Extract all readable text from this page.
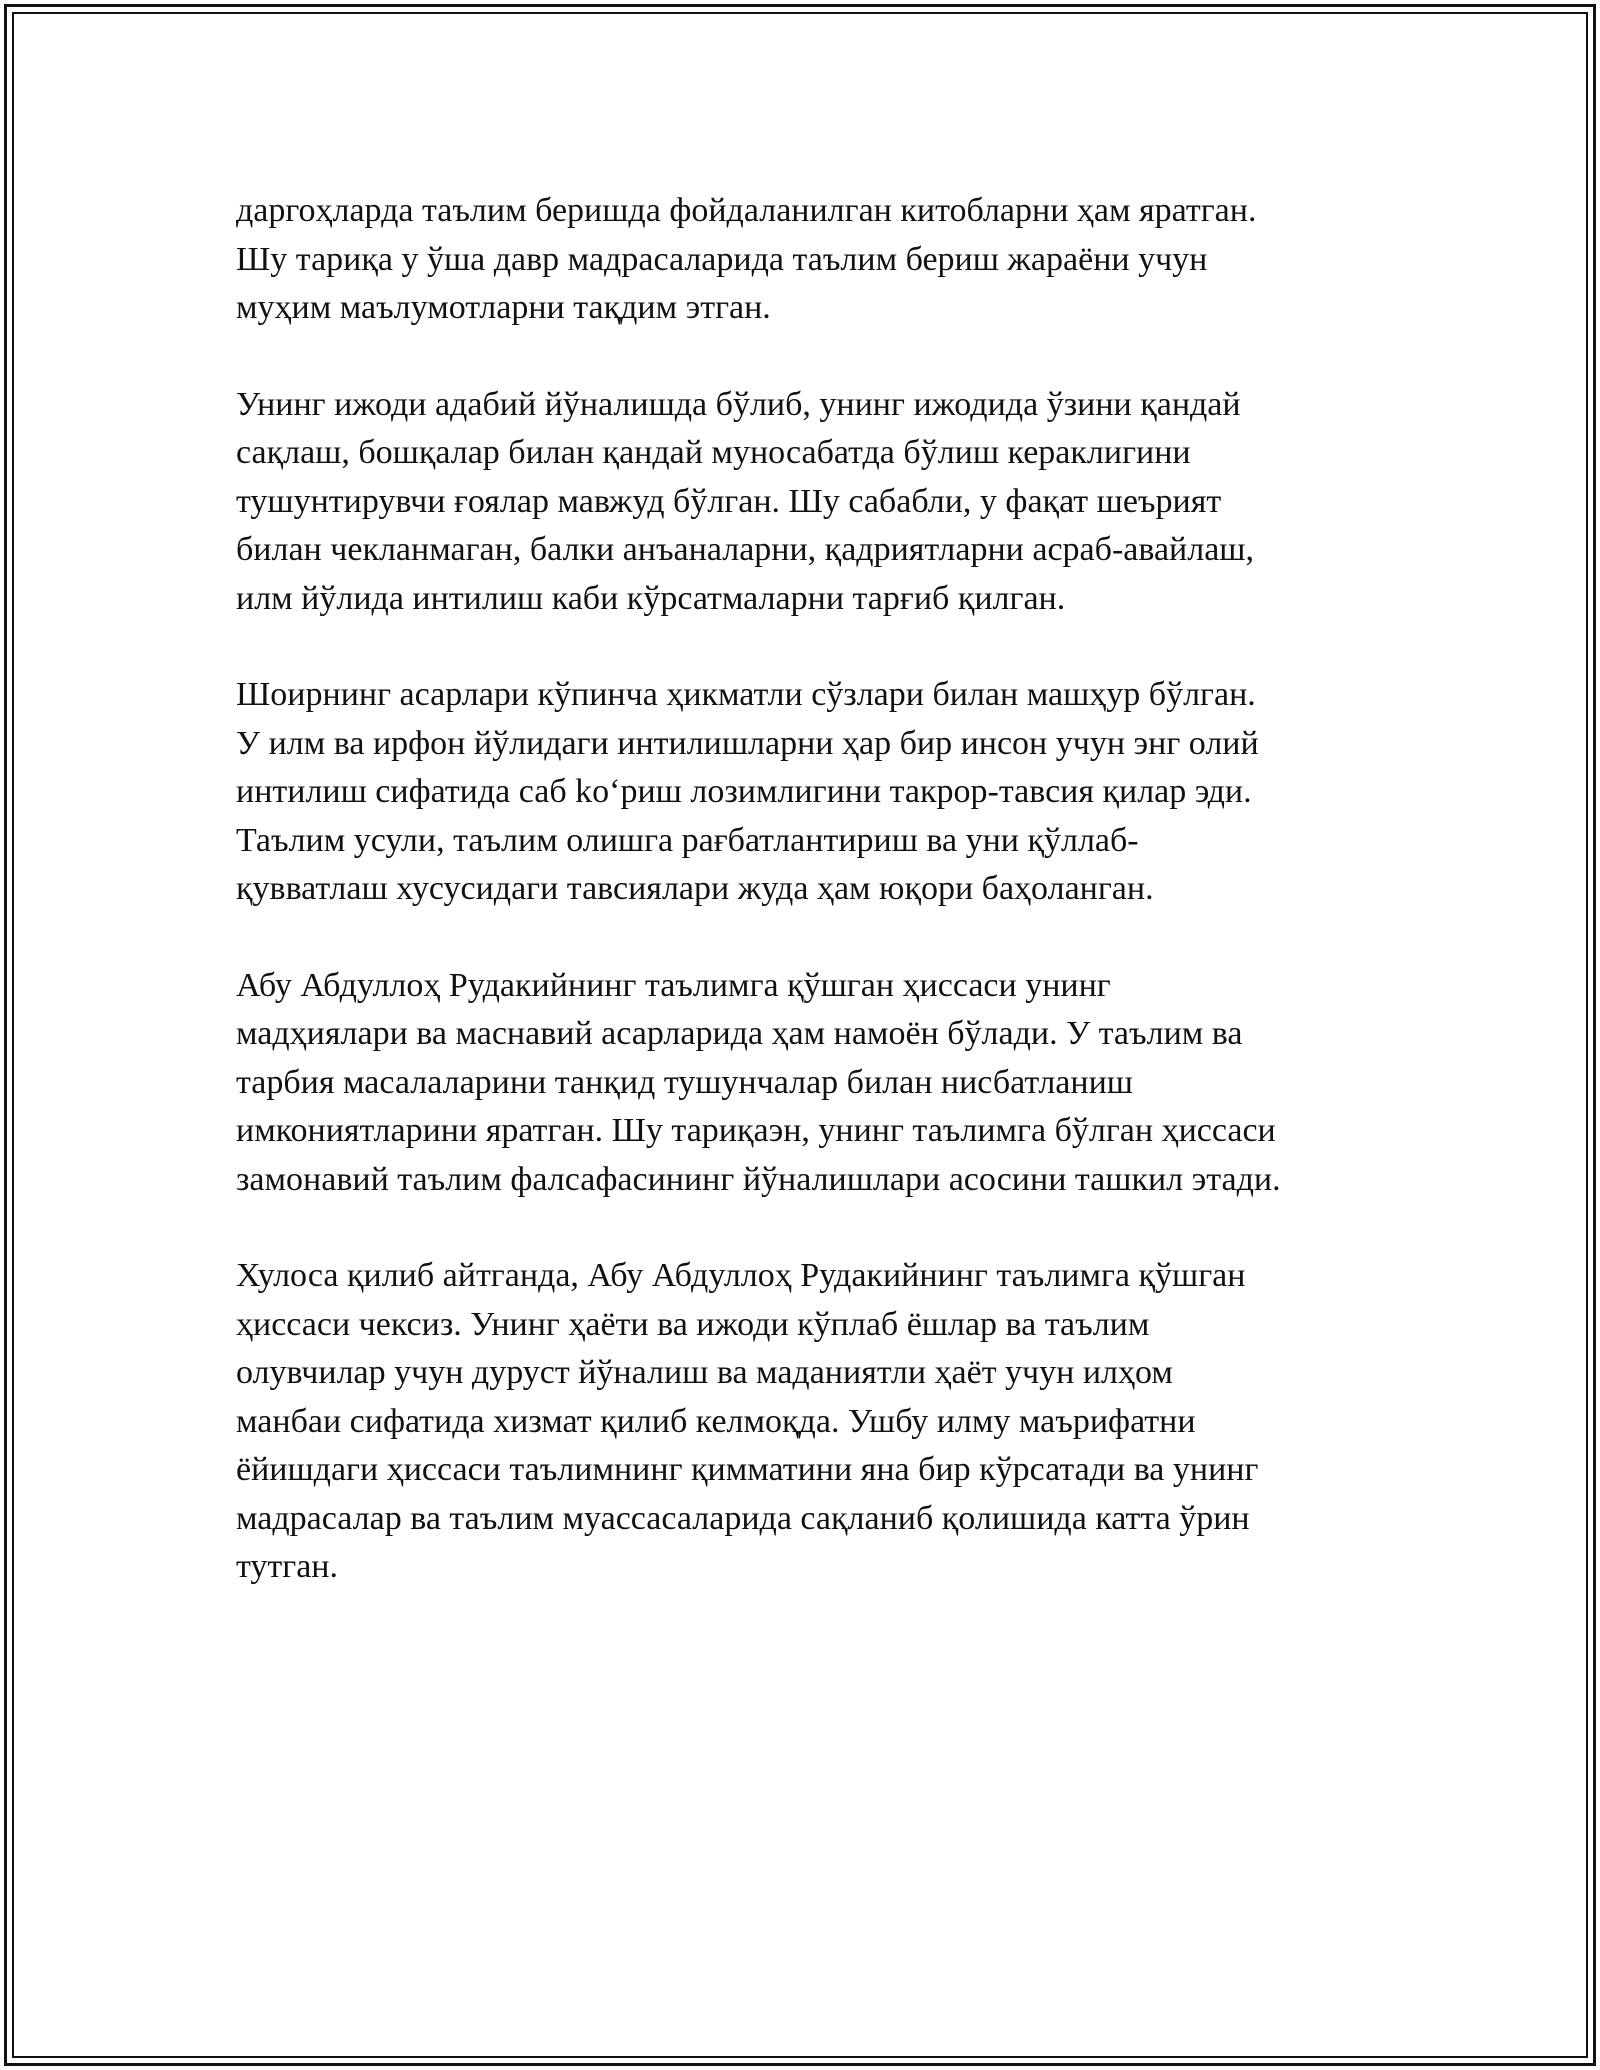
даргоҳларда таълим беришда фойдаланилган китобларни ҳам яратган.
Шу тариқа у ўша давр мадрасаларида таълим бериш жараёни учун
муҳим маълумотларни тақдим этган.

Унинг ижоди адабий йўналишда бўлиб, унинг ижодида ўзини қандай
сақлаш, бошқалар билан қандай муносабатда бўлиш кераклигини
тушунтирувчи ғоялар мавжуд бўлган. Шу сабабли, у фақат шеърият
билан чекланмаган, балки анъаналарни, қадриятларни асраб-авайлаш,
илм йўлида интилиш каби кўрсатмаларни тарғиб қилган.

Шоирнинг асарлари кўпинча ҳикматли сўзлари билан машҳур бўлган.
У илм ва ирфон йўлидаги интилишларни ҳар бир инсон учун энг олий
интилиш сифатида саб koʻриш лозимлигини такрор-тавсия қилар эди.
Таълим усули, таълим олишга рағбатлантириш ва уни қўллаб-
қувватлаш хусусидаги тавсиялари жуда ҳам юқори баҳоланган.

Абу Абдуллоҳ Рудакийнинг таълимга қўшган ҳиссаси унинг
мадҳиялари ва маснавий асарларида ҳам намоён бўлади. У таълим ва
тарбия масалаларини танқид тушунчалар билан нисбатланиш
имкониятларини яратган. Шу тариқаэн, унинг таълимга бўлган ҳиссаси
замонавий таълим фалсафасининг йўналишлари асосини ташкил этади.

Хулоса қилиб айтганда, Абу Абдуллоҳ Рудакийнинг таълимга қўшган
ҳиссаси чексиз. Унинг ҳаёти ва ижоди кўплаб ёшлар ва таълим
олувчилар учун дуруст йўналиш ва маданиятли ҳаёт учун илҳом
манбаи сифатида хизмат қилиб келмоқда. Ушбу илму маърифатни
ёйишдаги ҳиссаси таълимнинг қимматини яна бир кўрсатади ва унинг
мадрасалар ва таълим муассасаларида сақланиб қолишида катта ўрин
тутган.
